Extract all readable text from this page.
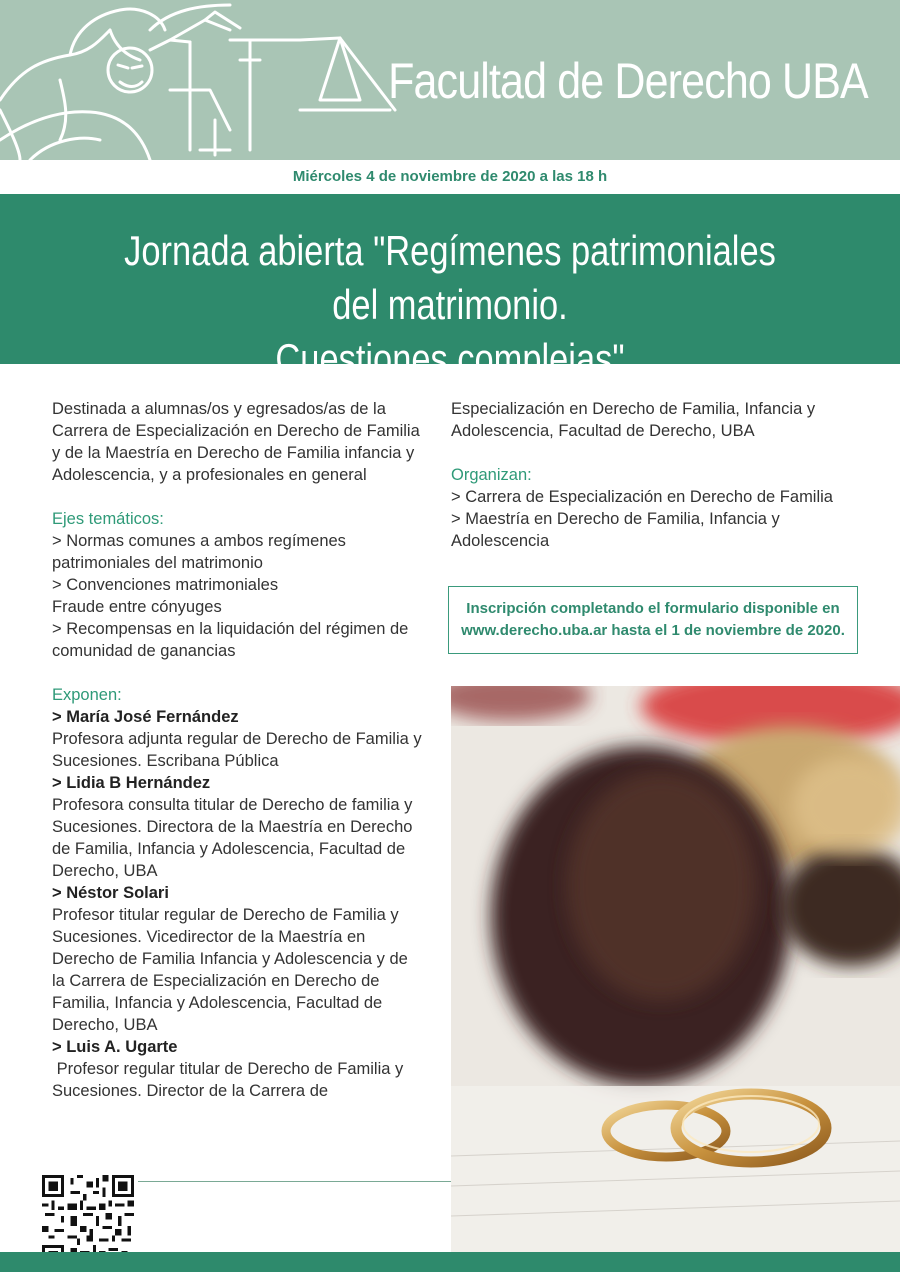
Facultad de Derecho UBA
Miércoles 4 de noviembre de 2020 a las 18 h
Jornada abierta "Regímenes patrimoniales del matrimonio.
Cuestiones complejas"
Destinada a alumnas/os y egresados/as de la Carrera de Especialización en Derecho de Familia y de la Maestría en Derecho de Familia infancia y Adolescencia, y a profesionales en general
Ejes temáticos:
> Normas comunes a ambos regímenes patrimoniales del matrimonio
> Convenciones matrimoniales
Fraude entre cónyuges
> Recompensas en la liquidación del régimen de comunidad de ganancias
Exponen:
> María José Fernández
Profesora adjunta regular de Derecho de Familia y Sucesiones. Escribana Pública
> Lidia B Hernández
Profesora consulta titular de Derecho de familia y Sucesiones. Directora de la Maestría en Derecho de Familia, Infancia y Adolescencia, Facultad de Derecho, UBA
> Néstor Solari
Profesor titular regular de Derecho de Familia y Sucesiones. Vicedirector de la Maestría en Derecho de Familia Infancia y Adolescencia y de la Carrera de Especialización en Derecho de Familia, Infancia y Adolescencia, Facultad de Derecho, UBA
> Luis A. Ugarte
Profesor regular titular de Derecho de Familia y Sucesiones. Director de la Carrera de
Especialización en Derecho de Familia, Infancia y Adolescencia, Facultad de Derecho, UBA
Organizan:
> Carrera de Especialización en Derecho de Familia
> Maestría en Derecho de Familia, Infancia y Adolescencia
Inscripción completando el formulario disponible en www.derecho.uba.ar hasta el 1 de noviembre de 2020.
